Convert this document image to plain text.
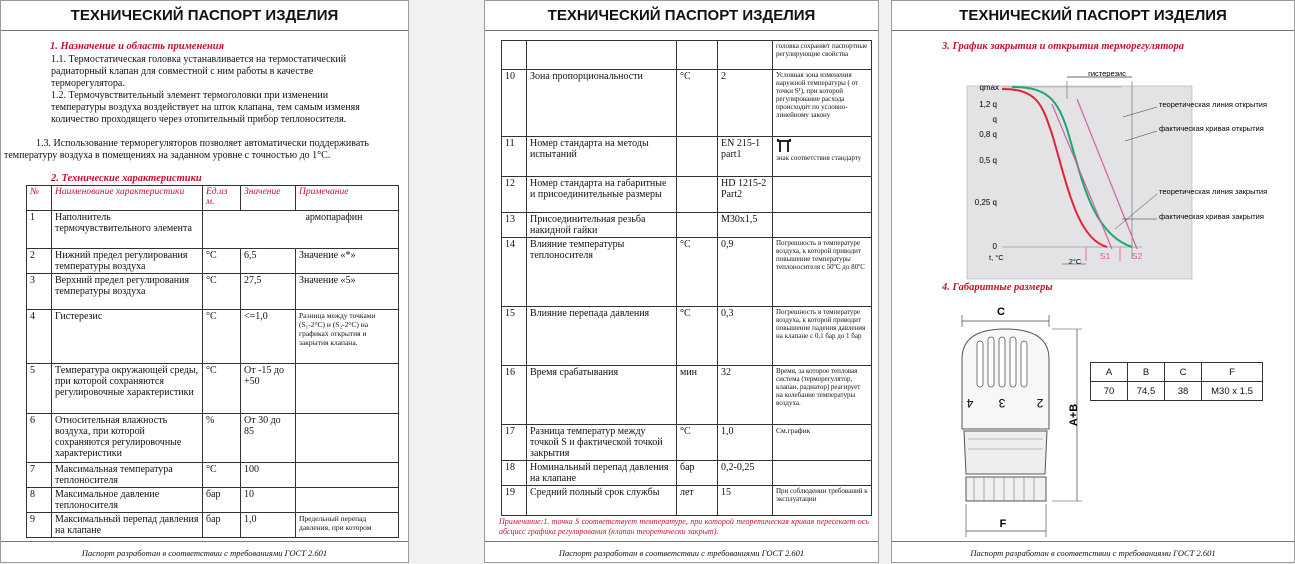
ТЕХНИЧЕСКИЙ ПАСПОРТ ИЗДЕЛИЯ
1. Назначение и область применения
1.1. Термостатическая головка устанавливается на термостатический радиаторный клапан для совместной с ним работы в качестве терморегулятора.
1.2. Термочувствительный элемент термоголовки при изменении температуры воздуха воздействует на шток клапана, тем самым изменяя количество проходящего через отопительный прибор теплоносителя.
1.3. Использование терморегуляторов позволяет автоматически поддерживать температуру воздуха в помещениях на заданном уровне с точностью до 1°С.
2. Технические характеристики
№	Наименование характеристики	Ед.из м.	Значение	Примечание
1	Наполнитель термочувствительного элемента	армопарафин		
2	Нижний предел регулирования температуры воздуха	°С	6,5	Значение «*»
3	Верхний предел регулирования температуры воздуха	°С	27,5	Значение «5»
4	Гистерезис	°С	<=1,0	Разница между точками (S₁-2°С) и (S₂-2°С) на графиках открытия и закрытия клапана.
5	Температура окружающей среды, при которой сохраняются регулировочные характеристики	°С	От -15 до +50	
6	Относительная влажность воздуха, при которой сохраняются регулировочные характеристики	%	От 30 до 85	
7	Максимальная температура теплоносителя	°С	100	
8	Максимальное давление теплоносителя	бар	10	
9	Максимальный перепад давления на клапане	бар	1,0	Предельный перепад давления, при котором
Паспорт разработан в соответствии с требованиями ГОСТ 2.601
ТЕХНИЧЕСКИЙ ПАСПОРТ ИЗДЕЛИЯ
				головка сохраняет паспортные регулирующие свойства
10	Зона пропорциональности	°С	2	Условная зона изменения наружной температуры ( от точки S¹), при которой регулирование расхода происходит по условно-линейному закону
11	Номер стандарта на методы испытаний		EN 215-1 part1	знак соответствия стандарту
12	Номер стандарта на габаритные и присоединительные размеры		HD 1215-2 Part2	
13	Присоединительная резьба накидной гайки		M30x1,5	
14	Влияние температуры теплоносителя	°С	0,9	Погрешность в температуре воздуха, к которой приводит повышение температуры теплоносителя с 50ºС до 80ºС
15	Влияние перепада давления	°С	0,3	Погрешность в температуре воздуха, к которой приводит повышение падения давления на клапане с 0,1 бар до 1 бар
16	Время срабатывания	мин	32	Время, за которое тепловая система (терморегулятор, клапан, радиатор) реагирует на колебание температуры воздуха.
17	Разница температур между точкой S и фактической точкой закрытия	°С	1,0	См.график
18	Номинальный перепад давления на клапане	бар	0,2-0,25	
19	Средний полный срок службы	лет	15	При соблюдении требований к эксплуатации
Примечание:1. точка S соответствует температуре, при которой теоретическая кривая пересекает ось абсцисс графика регулирования (клапан теоретически закрыт).
Паспорт разработан в соответствии с требованиями ГОСТ 2.601
ТЕХНИЧЕСКИЙ ПАСПОРТ ИЗДЕЛИЯ
3. График закрытия и открытия терморегулятора
qmax
1,2 q
q
0,8 q
0,5 q
0,25 q
0
гистерезис
S1	S2
2°C
t, °C
теоретическая линия открытия
фактическая кривая открытия
теоретическая линия закрытия
фактическая кривая закрытия
4. Габаритные размеры
C
4 3	2
A+B
F
A	B	C	F
70	74,5	38	M30 x 1.5
Паспорт разработан в соответствии с требованиями ГОСТ 2.601
